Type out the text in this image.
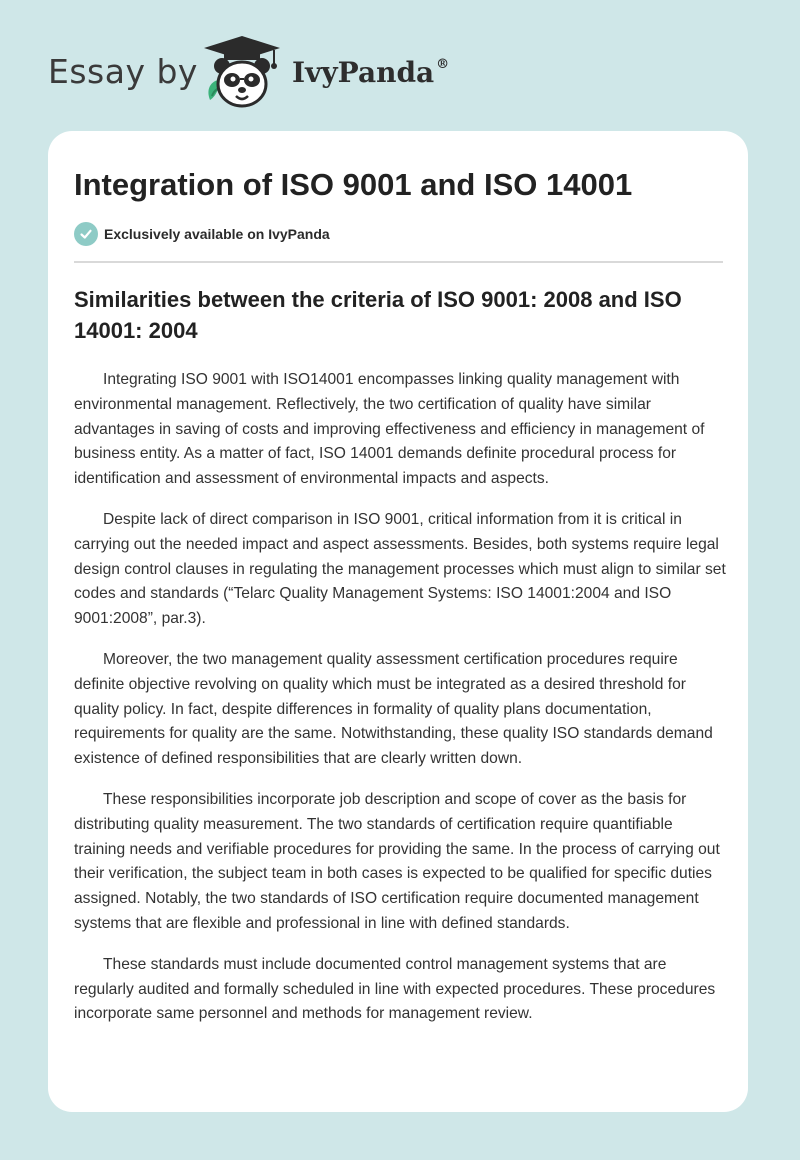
Essay by	IvyPanda ®
Integration of ISO 9001 and ISO 14001
Exclusively available on IvyPanda
Similarities between the criteria of ISO 9001: 2008 and ISO 14001: 2004

Integrating ISO 9001 with ISO14001 encompasses linking quality management with environmental management. Reflectively, the two certification of quality have similar advantages in saving of costs and improving effectiveness and efficiency in management of business entity. As a matter of fact, ISO 14001 demands definite procedural process for identification and assessment of environmental impacts and aspects.

Despite lack of direct comparison in ISO 9001, critical information from it is critical in carrying out the needed impact and aspect assessments. Besides, both systems require legal design control clauses in regulating the management processes which must align to similar set codes and standards (“Telarc Quality Management Systems: ISO 14001:2004 and ISO 9001:2008”, par.3).

Moreover, the two management quality assessment certification procedures require definite objective revolving on quality which must be integrated as a desired threshold for quality policy. In fact, despite differences in formality of quality plans documentation, requirements for quality are the same. Notwithstanding, these quality ISO standards demand existence of defined responsibilities that are clearly written down.

These responsibilities incorporate job description and scope of cover as the basis for distributing quality measurement. The two standards of certification require quantifiable training needs and verifiable procedures for providing the same. In the process of carrying out their verification, the subject team in both cases is expected to be qualified for specific duties assigned. Notably, the two standards of ISO certification require documented management systems that are flexible and professional in line with defined standards.

These standards must include documented control management systems that are regularly audited and formally scheduled in line with expected procedures. These procedures incorporate same personnel and methods for management review.
